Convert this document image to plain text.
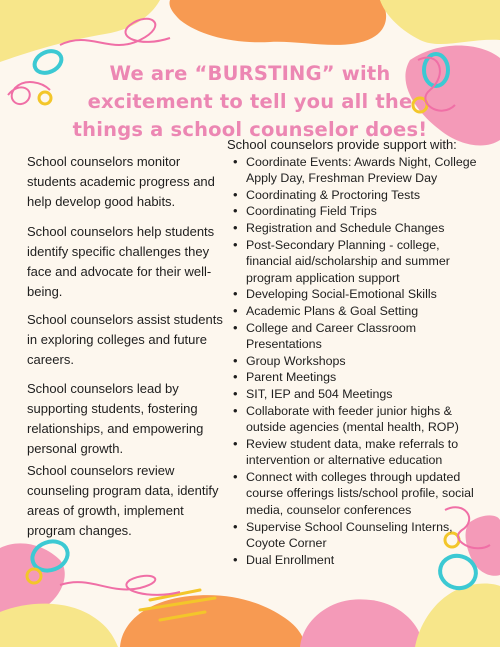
We are “BURSTING” with
excitement to tell you all the
things a school counselor does!

School counselors monitor students academic progress and help develop good habits.

School counselors help students identify specific challenges they face and advocate for their well-being.

School counselors assist students in exploring colleges and future careers.

School counselors lead by supporting students, fostering relationships, and empowering personal growth.

School counselors review counseling program data, identify areas of growth, implement program changes.

School counselors provide support with:

• Coordinate Events: Awards Night, College Apply Day, Freshman Preview Day
• Coordinating & Proctoring Tests
• Coordinating Field Trips
• Registration and Schedule Changes
• Post-Secondary Planning - college, financial aid/scholarship and summer program application support
• Developing Social-Emotional Skills
• Academic Plans & Goal Setting
• College and Career Classroom Presentations
• Group Workshops
• Parent Meetings
• SIT, IEP and 504 Meetings
• Collaborate with feeder junior highs & outside agencies (mental health, ROP)
• Review student data, make referrals to intervention or alternative education
• Connect with colleges through updated course offerings lists/school profile, social media, counselor conferences
• Supervise School Counseling Interns, Coyote Corner
• Dual Enrollment
